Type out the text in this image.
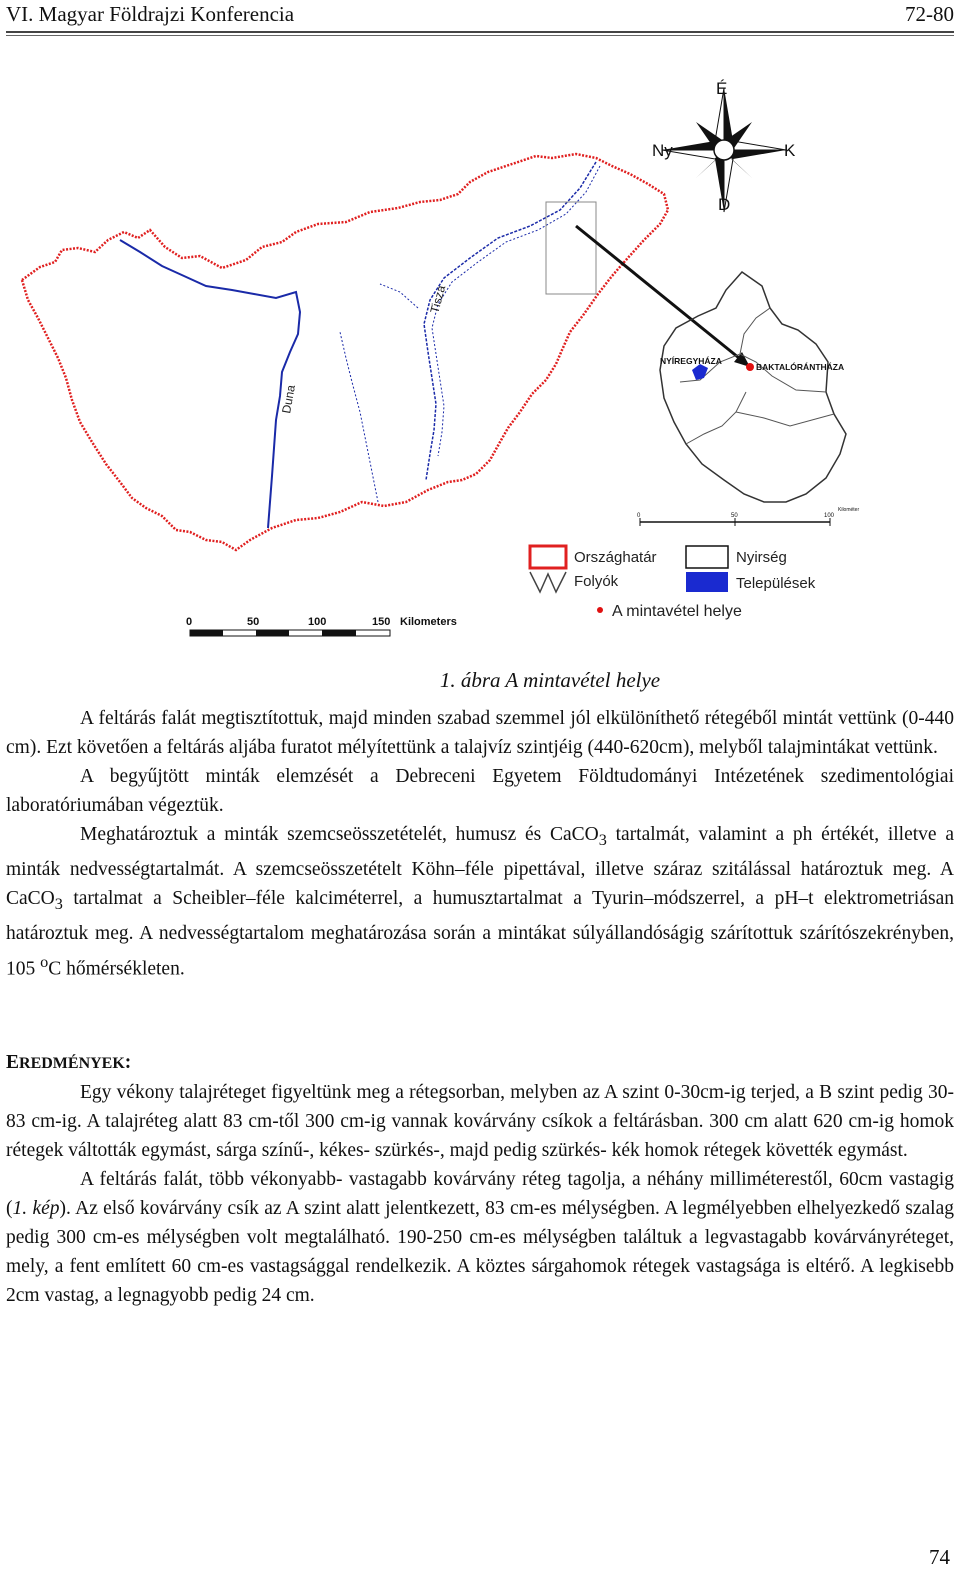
VI. Magyar Földrajzi Konferencia	72-80
Tisza
Duna
É
D
Ny	K
NYÍREGYHÁZA
BAKTALÓRÁNTHÁZA
0	50	100
Kilométer
0	50	100	150 Kilometers
Országhatár
Folyók
Nyirség
Települések
A mintavétel helye
1. ábra A mintavétel helye

A feltárás falát megtisztítottuk, majd minden szabad szemmel jól elkülöníthető rétegéből mintát vettünk (0-440 cm). Ezt követően a feltárás aljába furatot mélyítettünk a talajvíz szintjéig (440-620cm), melyből talajmintákat vettünk.

A begyűjtött minták elemzését a Debreceni Egyetem Földtudományi Intézetének szedimentológiai laboratóriumában végeztük.

Meghatároztuk a minták szemcseösszetételét, humusz és CaCO$_3$ tartalmát, valamint a ph értékét, illetve a minták nedvességtartalmát. A szemcseösszetételt Köhn–féle pipettával, illetve száraz szitálással határoztuk meg. A CaCO$_3$ tartalmat a Scheibler–féle kalciméterrel, a humusztartalmat a Tyurin–módszerrel, a pH–t elektrometriásan határoztuk meg. A nedvességtartalom meghatározása során a mintákat súlyállandóságig szárítottuk szárítószekrényben, 105 $^o$C hőmérsékleten.

EREDMÉNYEK:

Egy vékony talajréteget figyeltünk meg a rétegsorban, melyben az A szint 0-30cm-ig terjed, a B szint pedig 30-83 cm-ig. A talajréteg alatt 83 cm-től 300 cm-ig vannak kovárvány csíkok a feltárásban. 300 cm alatt 620 cm-ig homok rétegek váltották egymást, sárga színű-, kékes- szürkés-, majd pedig szürkés- kék homok rétegek követték egymást.

A feltárás falát, több vékonyabb- vastagabb kovárvány réteg tagolja, a néhány milliméterestől, 60cm vastagig (1. kép). Az első kovárvány csík az A szint alatt jelentkezett, 83 cm-es mélységben. A legmélyebben elhelyezkedő szalag pedig 300 cm-es mélységben volt megtalálható. 190-250 cm-es mélységben találtuk a legvastagabb kovárványréteget, mely, a fent említett 60 cm-es vastagsággal rendelkezik. A köztes sárgahomok rétegek vastagsága is eltérő. A legkisebb 2cm vastag, a legnagyobb pedig 24 cm.

74
